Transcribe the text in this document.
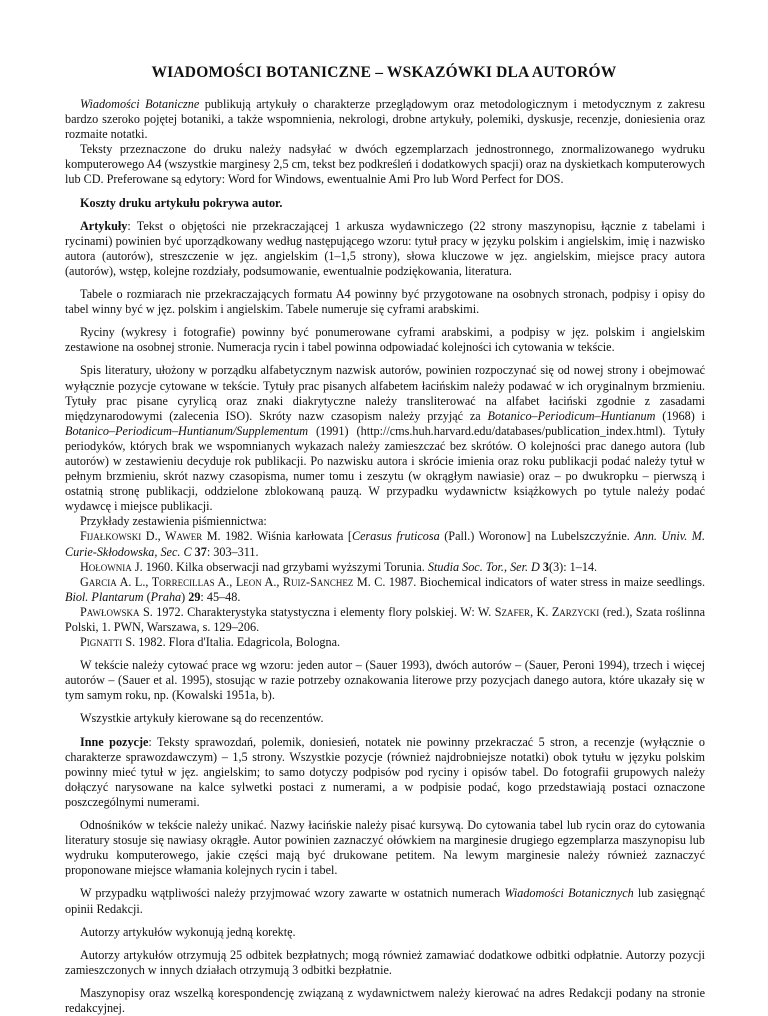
WIADOMOŚCI BOTANICZNE – WSKAZÓWKI DLA AUTORÓW

Wiadomości Botaniczne publikują artykuły o charakterze przeglądowym oraz metodologicznym i metodycznym z zakresu bardzo szeroko pojętej botaniki, a także wspomnienia, nekrologi, drobne artykuły, polemiki, dyskusje, recenzje, doniesienia oraz rozmaite notatki.

Teksty przeznaczone do druku należy nadsyłać w dwóch egzemplarzach jednostronnego, znormalizowanego wydruku komputerowego A4 (wszystkie marginesy 2,5 cm, tekst bez podkreśleń i dodatkowych spacji) oraz na dyskietkach komputerowych lub CD. Preferowane są edytory: Word for Windows, ewentualnie Ami Pro lub Word Perfect for DOS.

Koszty druku artykułu pokrywa autor.

Artykuły: Tekst o objętości nie przekraczającej 1 arkusza wydawniczego (22 strony maszynopisu, łącznie z tabelami i rycinami) powinien być uporządkowany według następującego wzoru: tytuł pracy w języku polskim i angielskim, imię i nazwisko autora (autorów), streszczenie w jęz. angielskim (1–1,5 strony), słowa kluczowe w jęz. angielskim, miejsce pracy autora (autorów), wstęp, kolejne rozdziały, podsumowanie, ewentualnie podziękowania, literatura.

Tabele o rozmiarach nie przekraczających formatu A4 powinny być przygotowane na osobnych stronach, podpisy i opisy do tabel winny być w jęz. polskim i angielskim. Tabele numeruje się cyframi arabskimi.

Ryciny (wykresy i fotografie) powinny być ponumerowane cyframi arabskimi, a podpisy w jęz. polskim i angielskim zestawione na osobnej stronie. Numeracja rycin i tabel powinna odpowiadać kolejności ich cytowania w tekście.

Spis literatury, ułożony w porządku alfabetycznym nazwisk autorów, powinien rozpoczynać się od nowej strony i obejmować wyłącznie pozycje cytowane w tekście. Tytuły prac pisanych alfabetem łacińskim należy podawać w ich oryginalnym brzmieniu. Tytuły prac pisane cyrylicą oraz znaki diakrytyczne należy transliterować na alfabet łaciński zgodnie z zasadami międzynarodowymi (zalecenia ISO). Skróty nazw czasopism należy przyjąć za Botanico–Periodicum–Huntianum (1968) i Botanico–Periodicum–Huntianum/Supplementum (1991) (http://cms.huh.harvard.edu/databases/publication_index.html). Tytuły periodyków, których brak we wspomnianych wykazach należy zamieszczać bez skrótów. O kolejności prac danego autora (lub autorów) w zestawieniu decyduje rok publikacji. Po nazwisku autora i skrócie imienia oraz roku publikacji podać należy tytuł w pełnym brzmieniu, skrót nazwy czasopisma, numer tomu i zeszytu (w okrągłym nawiasie) oraz – po dwukropku – pierwszą i ostatnią stronę publikacji, oddzielone zblokowaną pauzą. W przypadku wydawnictw książkowych po tytule należy podać wydawcę i miejsce publikacji.

Przykłady zestawienia piśmiennictwa:

Fijałkowski D., Wawer M. 1982. Wiśnia karłowata [Cerasus fruticosa (Pall.) Woronow] na Lubelszczyźnie. Ann. Univ. M. Curie-Skłodowska, Sec. C 37: 303–311.

Hołownia J. 1960. Kilka obserwacji nad grzybami wyższymi Torunia. Studia Soc. Tor., Ser. D 3(3): 1–14.

Garcia A. L., Torrecillas A., Leon A., Ruiz-Sanchez M. C. 1987. Biochemical indicators of water stress in maize seedlings. Biol. Plantarum (Praha) 29: 45–48.

Pawłowska S. 1972. Charakterystyka statystyczna i elementy flory polskiej. W: W. Szafer, K. Zarzycki (red.), Szata roślinna Polski, 1. PWN, Warszawa, s. 129–206.

Pignatti S. 1982. Flora d'Italia. Edagricola, Bologna.

W tekście należy cytować prace wg wzoru: jeden autor – (Sauer 1993), dwóch autorów – (Sauer, Peroni 1994), trzech i więcej autorów – (Sauer et al. 1995), stosując w razie potrzeby oznakowania literowe przy pozycjach danego autora, które ukazały się w tym samym roku, np. (Kowalski 1951a, b).

Wszystkie artykuły kierowane są do recenzentów.

Inne pozycje: Teksty sprawozdań, polemik, doniesień, notatek nie powinny przekraczać 5 stron, a recenzje (wyłącznie o charakterze sprawozdawczym) – 1,5 strony. Wszystkie pozycje (również najdrobniejsze notatki) obok tytułu w języku polskim powinny mieć tytuł w jęz. angielskim; to samo dotyczy podpisów pod ryciny i opisów tabel. Do fotografii grupowych należy dołączyć narysowane na kalce sylwetki postaci z numerami, a w podpisie podać, kogo przedstawiają postaci oznaczone poszczególnymi numerami.

Odnośników w tekście należy unikać. Nazwy łacińskie należy pisać kursywą. Do cytowania tabel lub rycin oraz do cytowania literatury stosuje się nawiasy okrągłe. Autor powinien zaznaczyć ołówkiem na marginesie drugiego egzemplarza maszynopisu lub wydruku komputerowego, jakie części mają być drukowane petitem. Na lewym marginesie należy również zaznaczyć proponowane miejsce włamania kolejnych rycin i tabel.

W przypadku wątpliwości należy przyjmować wzory zawarte w ostatnich numerach Wiadomości Botanicznych lub zasięgnąć opinii Redakcji.

Autorzy artykułów wykonują jedną korektę.

Autorzy artykułów otrzymują 25 odbitek bezpłatnych; mogą również zamawiać dodatkowe odbitki odpłatnie. Autorzy pozycji zamieszczonych w innych działach otrzymują 3 odbitki bezpłatnie.

Maszynopisy oraz wszelką korespondencję związaną z wydawnictwem należy kierować na adres Redakcji podany na stronie redakcyjnej.
